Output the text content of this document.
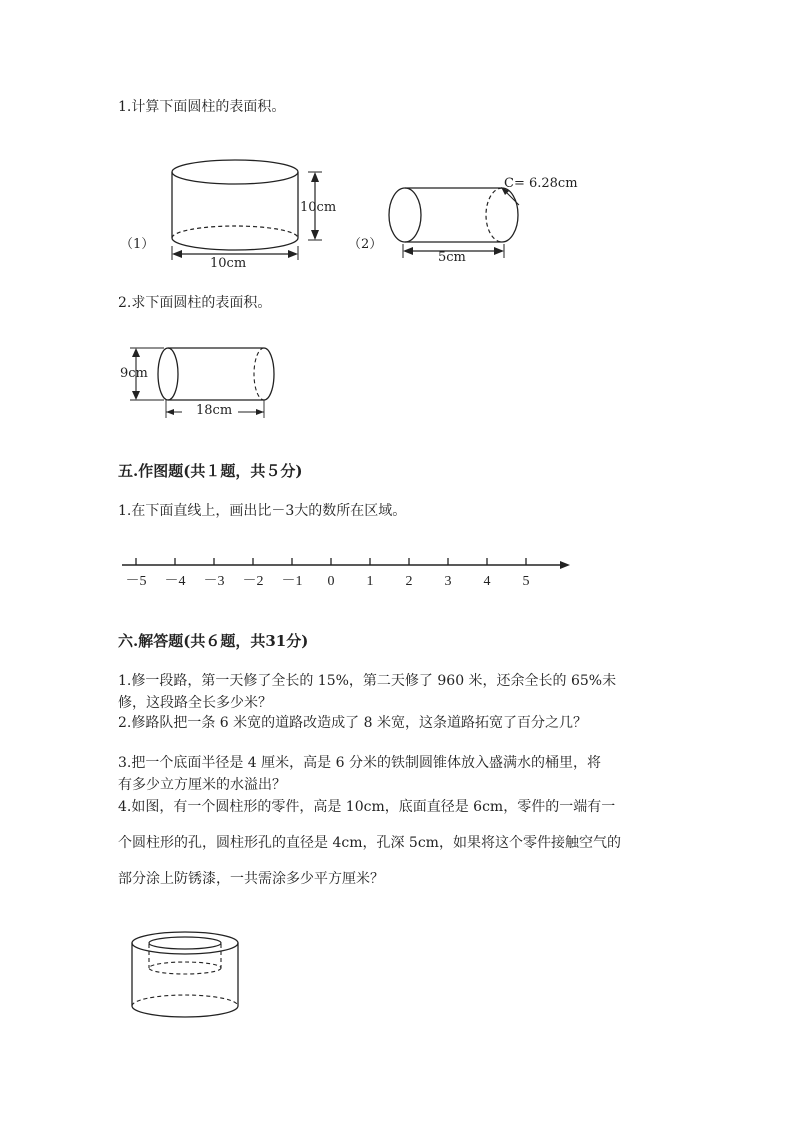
1.计算下面圆柱的表面积。
（1）
10cm
10cm
（2）
C= 6.28cm
5cm
2.求下面圆柱的表面积。
9cm
18cm
五.作图题(共１题，共５分)
1.在下面直线上，画出比－3大的数所在区域。
－5 －4 －3 －2 －1 0 1 2 3 4 5
六.解答题(共６题，共31分)
1.修一段路，第一天修了全长的 15%，第二天修了 960 米，还余全长的 65%未
修，这段路全长多少米？
2.修路队把一条 6 米宽的道路改造成了 8 米宽，这条道路拓宽了百分之几？
3.把一个底面半径是 4 厘米，高是 6 分米的铁制圆锥体放入盛满水的桶里，将
有多少立方厘米的水溢出？
4.如图，有一个圆柱形的零件，高是 10cm，底面直径是 6cm，零件的一端有一
个圆柱形的孔，圆柱形孔的直径是 4cm，孔深 5cm，如果将这个零件接触空气的
部分涂上防锈漆，一共需涂多少平方厘米？
